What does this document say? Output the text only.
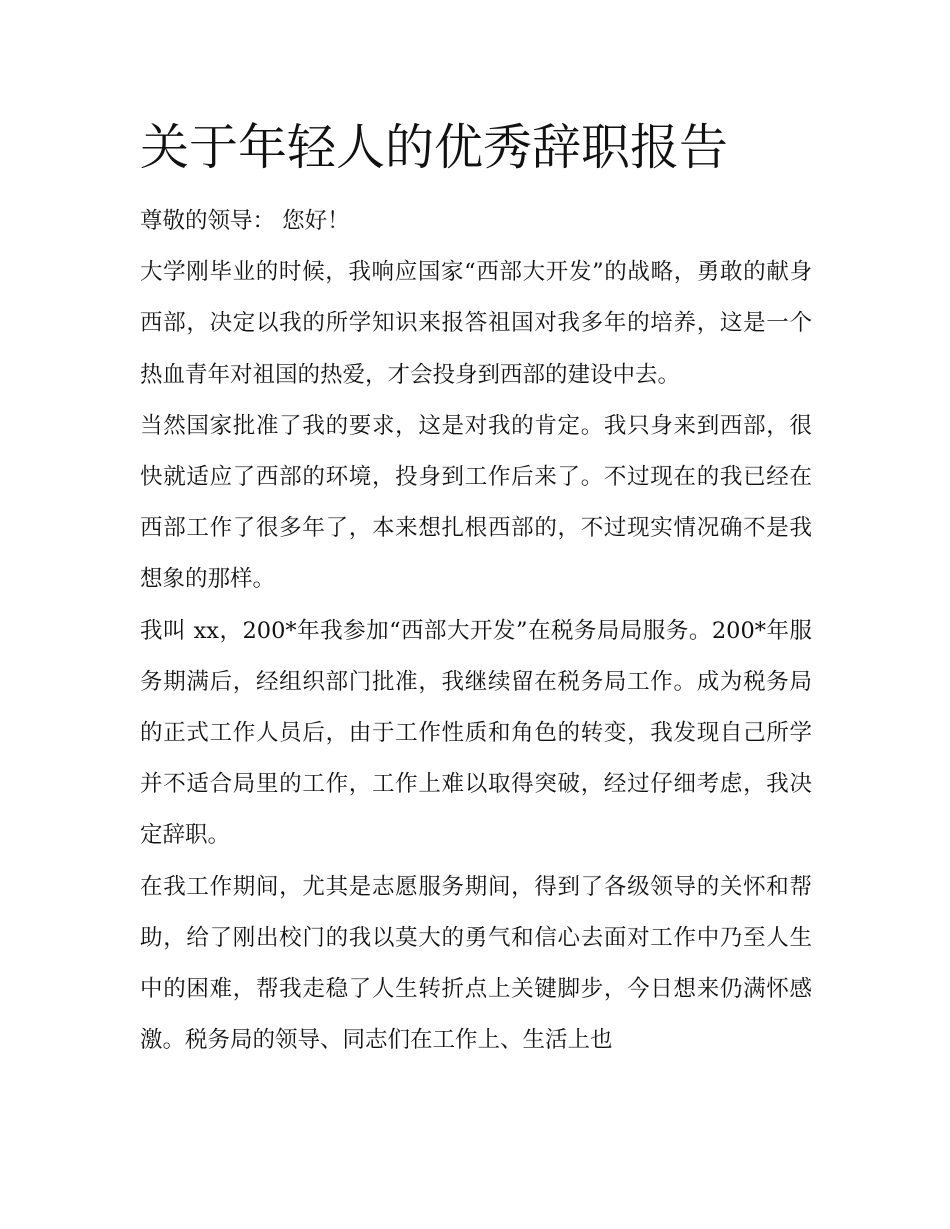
关于年轻人的优秀辞职报告

尊敬的领导： 您好！

大学刚毕业的时候，我响应国家“西部大开发”的战略，勇敢的献身西部，决定以我的所学知识来报答祖国对我多年的培养，这是一个热血青年对祖国的热爱，才会投身到西部的建设中去。

当然国家批准了我的要求，这是对我的肯定。我只身来到西部，很快就适应了西部的环境，投身到工作后来了。不过现在的我已经在西部工作了很多年了，本来想扎根西部的，不过现实情况确不是我想象的那样。

我叫 xx，200*年我参加“西部大开发”在税务局局服务。200*年服务期满后，经组织部门批准，我继续留在税务局工作。成为税务局的正式工作人员后，由于工作性质和角色的转变，我发现自己所学并不适合局里的工作，工作上难以取得突破，经过仔细考虑，我决定辞职。

在我工作期间，尤其是志愿服务期间，得到了各级领导的关怀和帮助，给了刚出校门的我以莫大的勇气和信心去面对工作中乃至人生中的困难，帮我走稳了人生转折点上关键脚步，今日想来仍满怀感激。税务局的领导、同志们在工作上、生活上也
